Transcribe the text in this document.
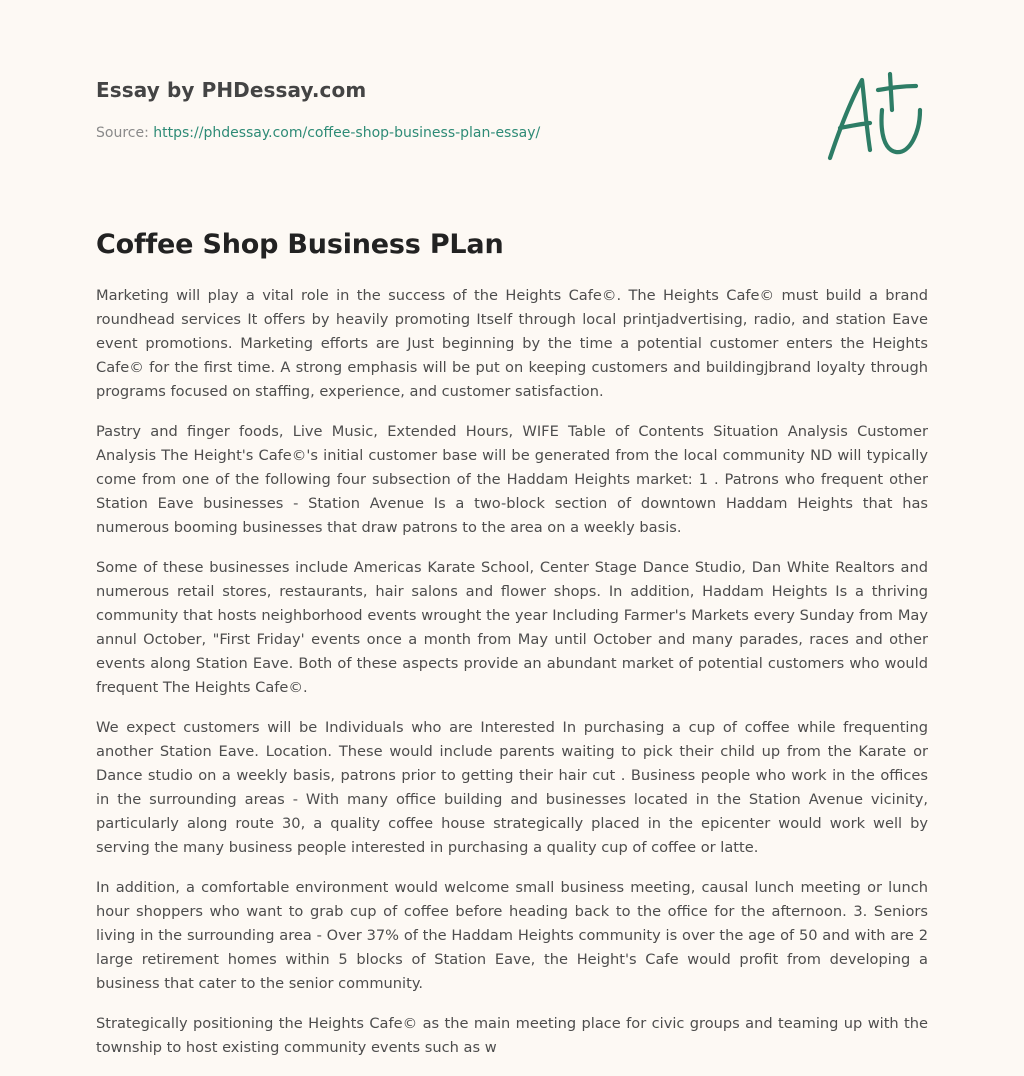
Essay by PHDessay.com
Source: https://phdessay.com/coffee-shop-business-plan-essay/
Coffee Shop Business PLan

Marketing will play a vital role in the success of the Heights Cafe©. The Heights Cafe© must build a brand roundhead services It offers by heavily promoting Itself through local printjadvertising, radio, and station Eave event promotions. Marketing efforts are Just beginning by the time a potential customer enters the Heights Cafe© for the first time. A strong emphasis will be put on keeping customers and buildingjbrand loyalty through programs focused on staffing, experience, and customer satisfaction.

Pastry and finger foods, Live Music, Extended Hours, WIFE Table of Contents Situation Analysis Customer Analysis The Height's Cafe©'s initial customer base will be generated from the local community ND will typically come from one of the following four subsection of the Haddam Heights market: 1 . Patrons who frequent other Station Eave businesses - Station Avenue Is a two-block section of downtown Haddam Heights that has numerous booming businesses that draw patrons to the area on a weekly basis.

Some of these businesses include Americas Karate School, Center Stage Dance Studio, Dan White Realtors and numerous retail stores, restaurants, hair salons and flower shops. In addition, Haddam Heights Is a thriving community that hosts neighborhood events wrought the year Including Farmer's Markets every Sunday from May annul October, "First Friday' events once a month from May until October and many parades, races and other events along Station Eave. Both of these aspects provide an abundant market of potential customers who would frequent The Heights Cafe©.

We expect customers will be Individuals who are Interested In purchasing a cup of coffee while frequenting another Station Eave. Location. These would include parents waiting to pick their child up from the Karate or Dance studio on a weekly basis, patrons prior to getting their hair cut . Business people who work in the offices in the surrounding areas - With many office building and businesses located in the Station Avenue vicinity, particularly along route 30, a quality coffee house strategically placed in the epicenter would work well by serving the many business people interested in purchasing a quality cup of coffee or latte.

In addition, a comfortable environment would welcome small business meeting, causal lunch meeting or lunch hour shoppers who want to grab cup of coffee before heading back to the office for the afternoon. 3. Seniors living in the surrounding area - Over 37% of the Haddam Heights community is over the age of 50 and with are 2 large retirement homes within 5 blocks of Station Eave, the Height's Cafe would profit from developing a business that cater to the senior community.

Strategically positioning the Heights Cafe© as the main meeting place for civic groups and teaming up with the township to host existing community events such as w
